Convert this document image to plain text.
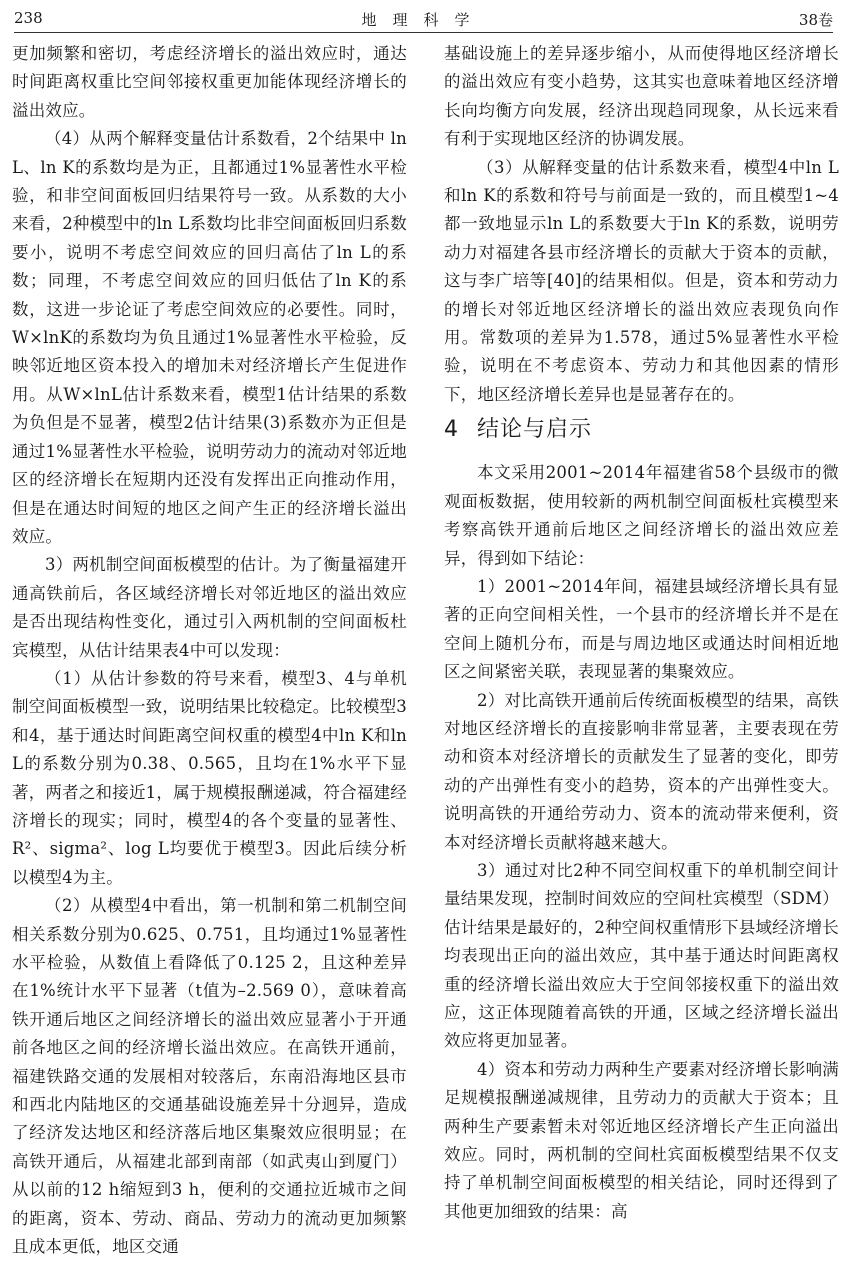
238	地理科学	38卷

更加频繁和密切，考虑经济增长的溢出效应时，通达时间距离权重比空间邻接权重更加能体现经济增长的溢出效应。

（4）从两个解释变量估计系数看，2个结果中 ln L、ln K的系数均是为正，且都通过1%显著性水平检验，和非空间面板回归结果符号一致。从系数的大小来看，2种模型中的ln L系数均比非空间面板回归系数要小，说明不考虑空间效应的回归高估了ln L的系数；同理，不考虑空间效应的回归低估了ln K的系数，这进一步论证了考虑空间效应的必要性。同时，W×lnK的系数均为负且通过1%显著性水平检验，反映邻近地区资本投入的增加未对经济增长产生促进作用。从W×lnL估计系数来看，模型1估计结果的系数为负但是不显著，模型2估计结果(3)系数亦为正但是通过1%显著性水平检验，说明劳动力的流动对邻近地区的经济增长在短期内还没有发挥出正向推动作用，但是在通达时间短的地区之间产生正的经济增长溢出效应。

3）两机制空间面板模型的估计。为了衡量福建开通高铁前后，各区域经济增长对邻近地区的溢出效应是否出现结构性变化，通过引入两机制的空间面板杜宾模型，从估计结果表4中可以发现：

（1）从估计参数的符号来看，模型3、4与单机制空间面板模型一致，说明结果比较稳定。比较模型3和4，基于通达时间距离空间权重的模型4中ln K和ln L的系数分别为0.38、0.565，且均在1%水平下显著，两者之和接近1，属于规模报酬递减，符合福建经济增长的现实；同时，模型4的各个变量的显著性、R²、sigma²、log L均要优于模型3。因此后续分析以模型4为主。

（2）从模型4中看出，第一机制和第二机制空间相关系数分别为0.625、0.751，且均通过1%显著性水平检验，从数值上看降低了0.125 2，且这种差异在1%统计水平下显著（t值为–2.569 0），意味着高铁开通后地区之间经济增长的溢出效应显著小于开通前各地区之间的经济增长溢出效应。在高铁开通前，福建铁路交通的发展相对较落后，东南沿海地区县市和西北内陆地区的交通基础设施差异十分迥异，造成了经济发达地区和经济落后地区集聚效应很明显；在高铁开通后，从福建北部到南部（如武夷山到厦门）从以前的12 h缩短到3 h，便利的交通拉近城市之间的距离，资本、劳动、商品、劳动力的流动更加频繁且成本更低，地区交通

基础设施上的差异逐步缩小，从而使得地区经济增长的溢出效应有变小趋势，这其实也意味着地区经济增长向均衡方向发展，经济出现趋同现象，从长远来看有利于实现地区经济的协调发展。

（3）从解释变量的估计系数来看，模型4中ln L和ln K的系数和符号与前面是一致的，而且模型1~4都一致地显示ln L的系数要大于ln K的系数，说明劳动力对福建各县市经济增长的贡献大于资本的贡献，这与李广培等[40]的结果相似。但是，资本和劳动力的增长对邻近地区经济增长的溢出效应表现负向作用。常数项的差异为1.578，通过5%显著性水平检验，说明在不考虑资本、劳动力和其他因素的情形下，地区经济增长差异也是显著存在的。

4 结论与启示

本文采用2001~2014年福建省58个县级市的微观面板数据，使用较新的两机制空间面板杜宾模型来考察高铁开通前后地区之间经济增长的溢出效应差异，得到如下结论：

1）2001~2014年间，福建县域经济增长具有显著的正向空间相关性，一个县市的经济增长并不是在空间上随机分布，而是与周边地区或通达时间相近地区之间紧密关联，表现显著的集聚效应。

2）对比高铁开通前后传统面板模型的结果，高铁对地区经济增长的直接影响非常显著，主要表现在劳动和资本对经济增长的贡献发生了显著的变化，即劳动的产出弹性有变小的趋势，资本的产出弹性变大。说明高铁的开通给劳动力、资本的流动带来便利，资本对经济增长贡献将越来越大。

3）通过对比2种不同空间权重下的单机制空间计量结果发现，控制时间效应的空间杜宾模型（SDM）估计结果是最好的，2种空间权重情形下县域经济增长均表现出正向的溢出效应，其中基于通达时间距离权重的经济增长溢出效应大于空间邻接权重下的溢出效应，这正体现随着高铁的开通，区域之经济增长溢出效应将更加显著。

4）资本和劳动力两种生产要素对经济增长影响满足规模报酬递减规律，且劳动力的贡献大于资本；且两种生产要素暂未对邻近地区经济增长产生正向溢出效应。同时，两机制的空间杜宾面板模型结果不仅支持了单机制空间面板模型的相关结论，同时还得到了其他更加细致的结果：高
